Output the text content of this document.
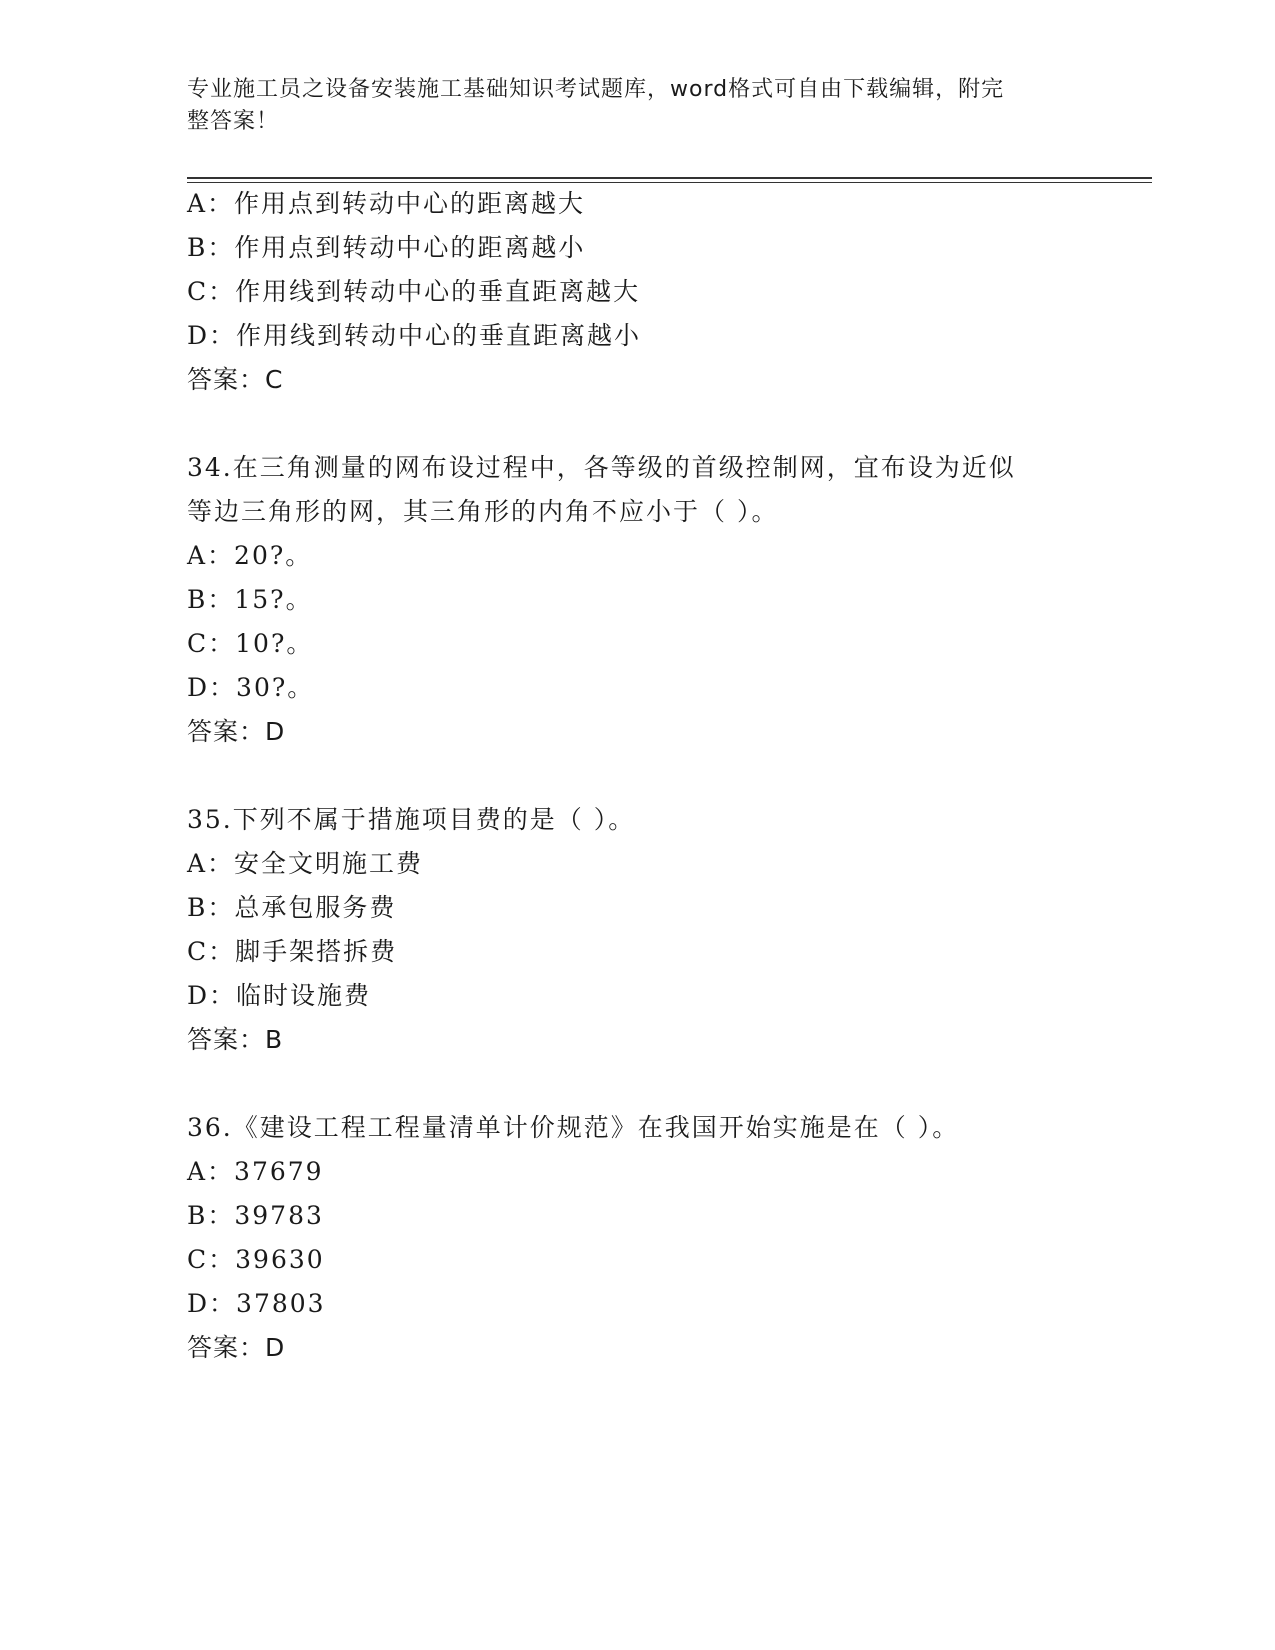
专业施工员之设备安装施工基础知识考试题库，word格式可自由下载编辑，附完
整答案！
A：作用点到转动中心的距离越大
B：作用点到转动中心的距离越小
C：作用线到转动中心的垂直距离越大
D：作用线到转动中心的垂直距离越小
答案：C
34.在三角测量的网布设过程中，各等级的首级控制网，宜布设为近似
等边三角形的网，其三角形的内角不应小于（ ）。
A：20?。
B：15?。
C：10?。
D：30?。
答案：D
35.下列不属于措施项目费的是（ ）。
A：安全文明施工费
B：总承包服务费
C：脚手架搭拆费
D：临时设施费
答案：B
36.《建设工程工程量清单计价规范》在我国开始实施是在（ ）。
A：37679
B：39783
C：39630
D：37803
答案：D
